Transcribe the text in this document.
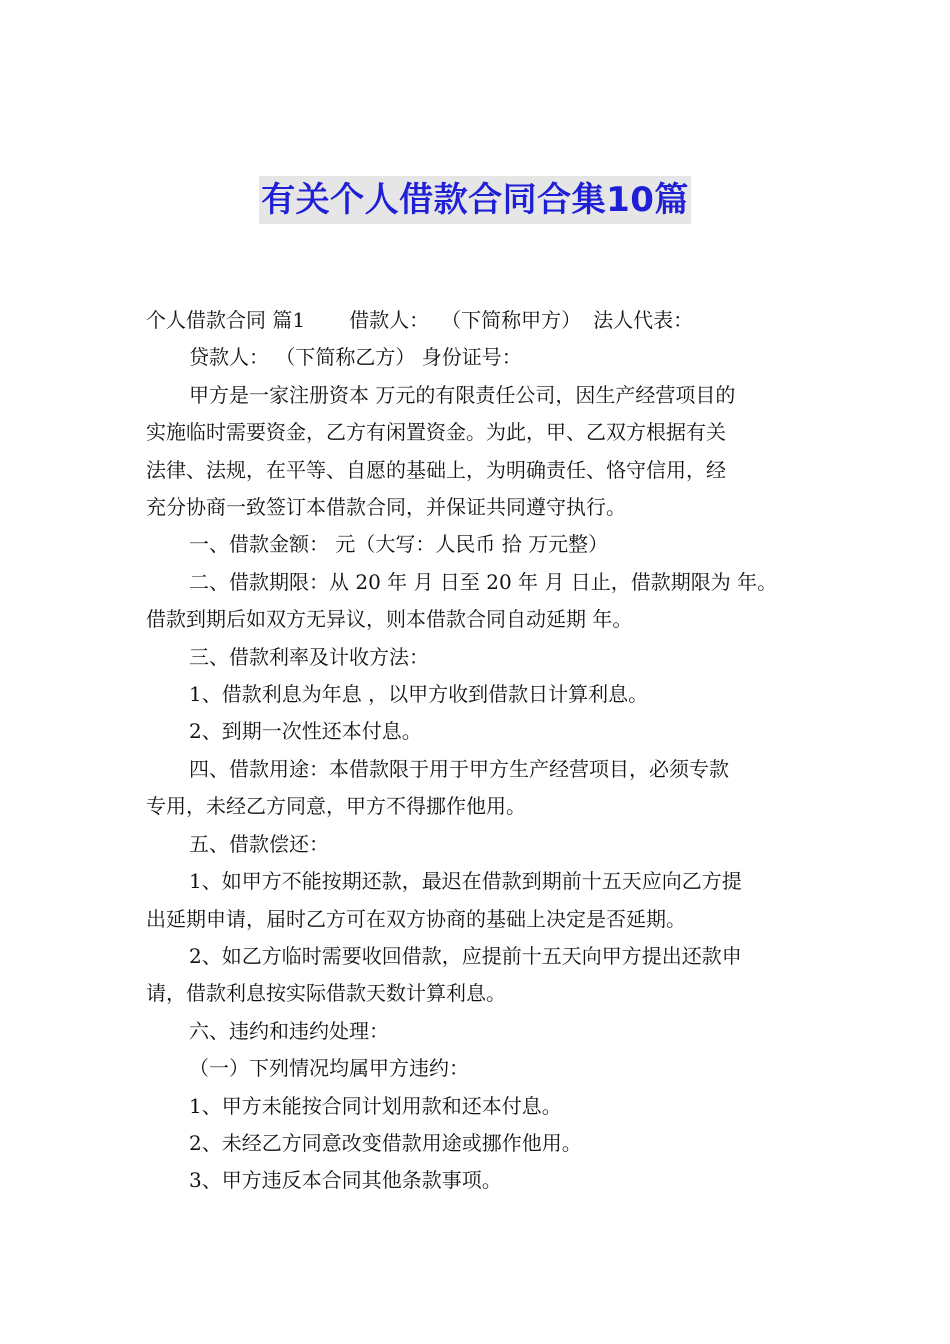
有关个人借款合同合集10篇

个人借款合同 篇1 借款人： （下简称甲方） 法人代表：

贷款人： （下简称乙方） 身份证号：

甲方是一家注册资本 万元的有限责任公司，因生产经营项目的

实施临时需要资金，乙方有闲置资金。为此，甲、乙双方根据有关

法律、法规，在平等、自愿的基础上，为明确责任、恪守信用，经

充分协商一致签订本借款合同，并保证共同遵守执行。

一、借款金额： 元（大写：人民币 拾 万元整）

二、借款期限：从 20 年 月 日至 20 年 月 日止，借款期限为 年。

借款到期后如双方无异议，则本借款合同自动延期 年。

三、借款利率及计收方法：

1、借款利息为年息 ，以甲方收到借款日计算利息。

2、到期一次性还本付息。

四、借款用途：本借款限于用于甲方生产经营项目，必须专款

专用，未经乙方同意，甲方不得挪作他用。

五、借款偿还：

1、如甲方不能按期还款，最迟在借款到期前十五天应向乙方提

出延期申请，届时乙方可在双方协商的基础上决定是否延期。

2、如乙方临时需要收回借款，应提前十五天向甲方提出还款申

请，借款利息按实际借款天数计算利息。

六、违约和违约处理：

（一）下列情况均属甲方违约：

1、甲方未能按合同计划用款和还本付息。

2、未经乙方同意改变借款用途或挪作他用。

3、甲方违反本合同其他条款事项。
